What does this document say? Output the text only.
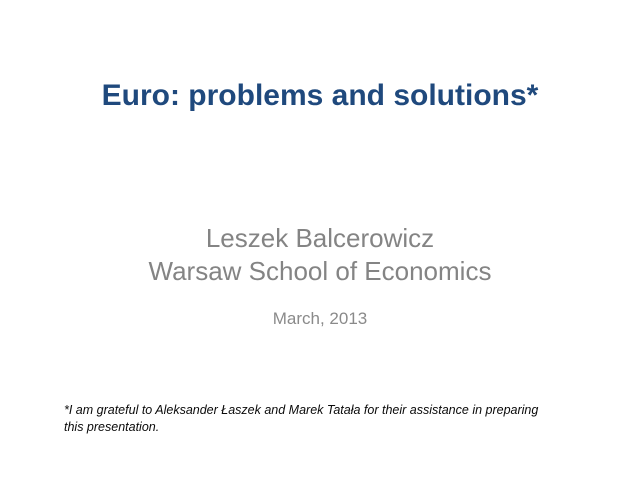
Euro: problems and solutions*
Leszek Balcerowicz
Warsaw School of Economics
March, 2013
*I am grateful to Aleksander Łaszek and Marek Tatała for their assistance in preparing
this presentation.
